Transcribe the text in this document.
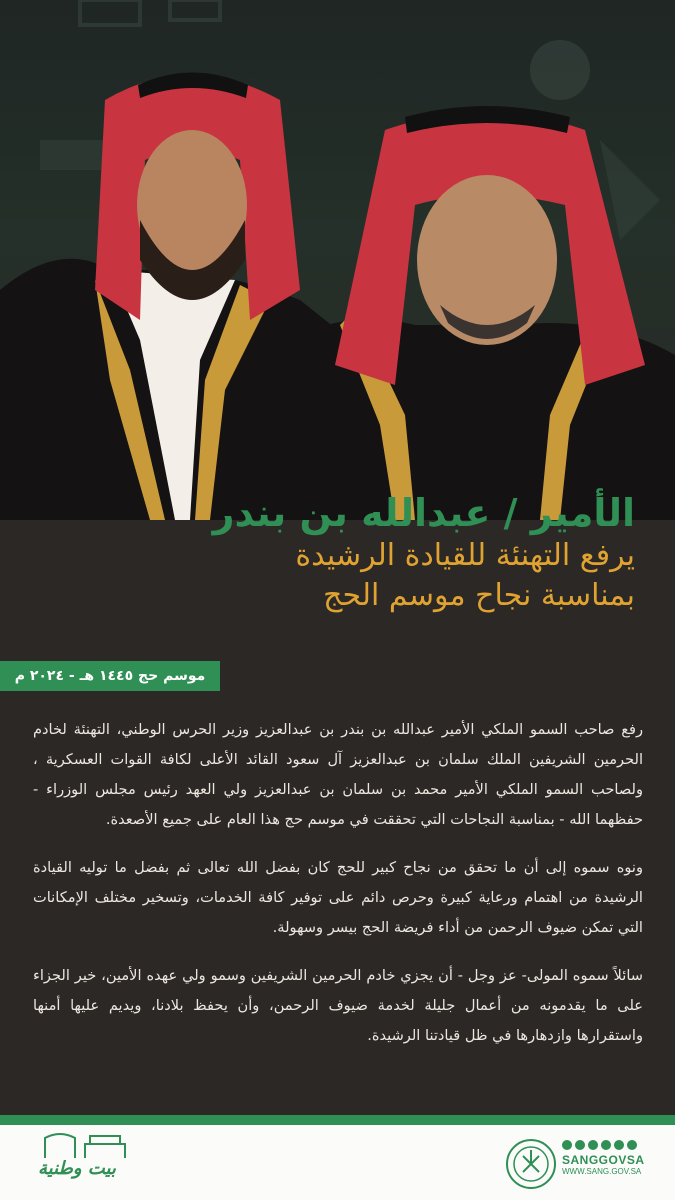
الأمير / عبدالله بن بندر
يرفع التهنئة للقيادة الرشيدة
بمناسبة نجاح موسم الحج
موسم حج ١٤٤٥ هـ - ٢٠٢٤ م

رفع صاحب السمو الملكي الأمير عبدالله بن بندر بن عبدالعزيز وزير الحرس الوطني، التهنئة لخادم الحرمين الشريفين الملك سلمان بن عبدالعزيز آل سعود القائد الأعلى لكافة القوات العسكرية ، ولصاحب السمو الملكي الأمير محمد بن سلمان بن عبدالعزيز ولي العهد رئيس مجلس الوزراء - حفظهما الله - بمناسبة النجاحات التي تحققت في موسم حج هذا العام على جميع الأصعدة.

ونوه سموه إلى أن ما تحقق من نجاح كبير للحج كان بفضل الله تعالى ثم بفضل ما توليه القيادة الرشيدة من اهتمام ورعاية كبيرة وحرص دائم على توفير كافة الخدمات، وتسخير مختلف الإمكانات التي تمكن ضيوف الرحمن من أداء فريضة الحج بيسر وسهولة.

سائلاً سموه المولى- عز وجل - أن يجزي خادم الحرمين الشريفين وسمو ولي عهده الأمين، خير الجزاء على ما يقدمونه من أعمال جليلة لخدمة ضيوف الرحمن، وأن يحفظ بلادنا، ويديم عليها أمنها واستقرارها وازدهارها في ظل قيادتنا الرشيدة.

بيت وطنية	SANGGOVSA
WWW.SANG.GOV.SA
